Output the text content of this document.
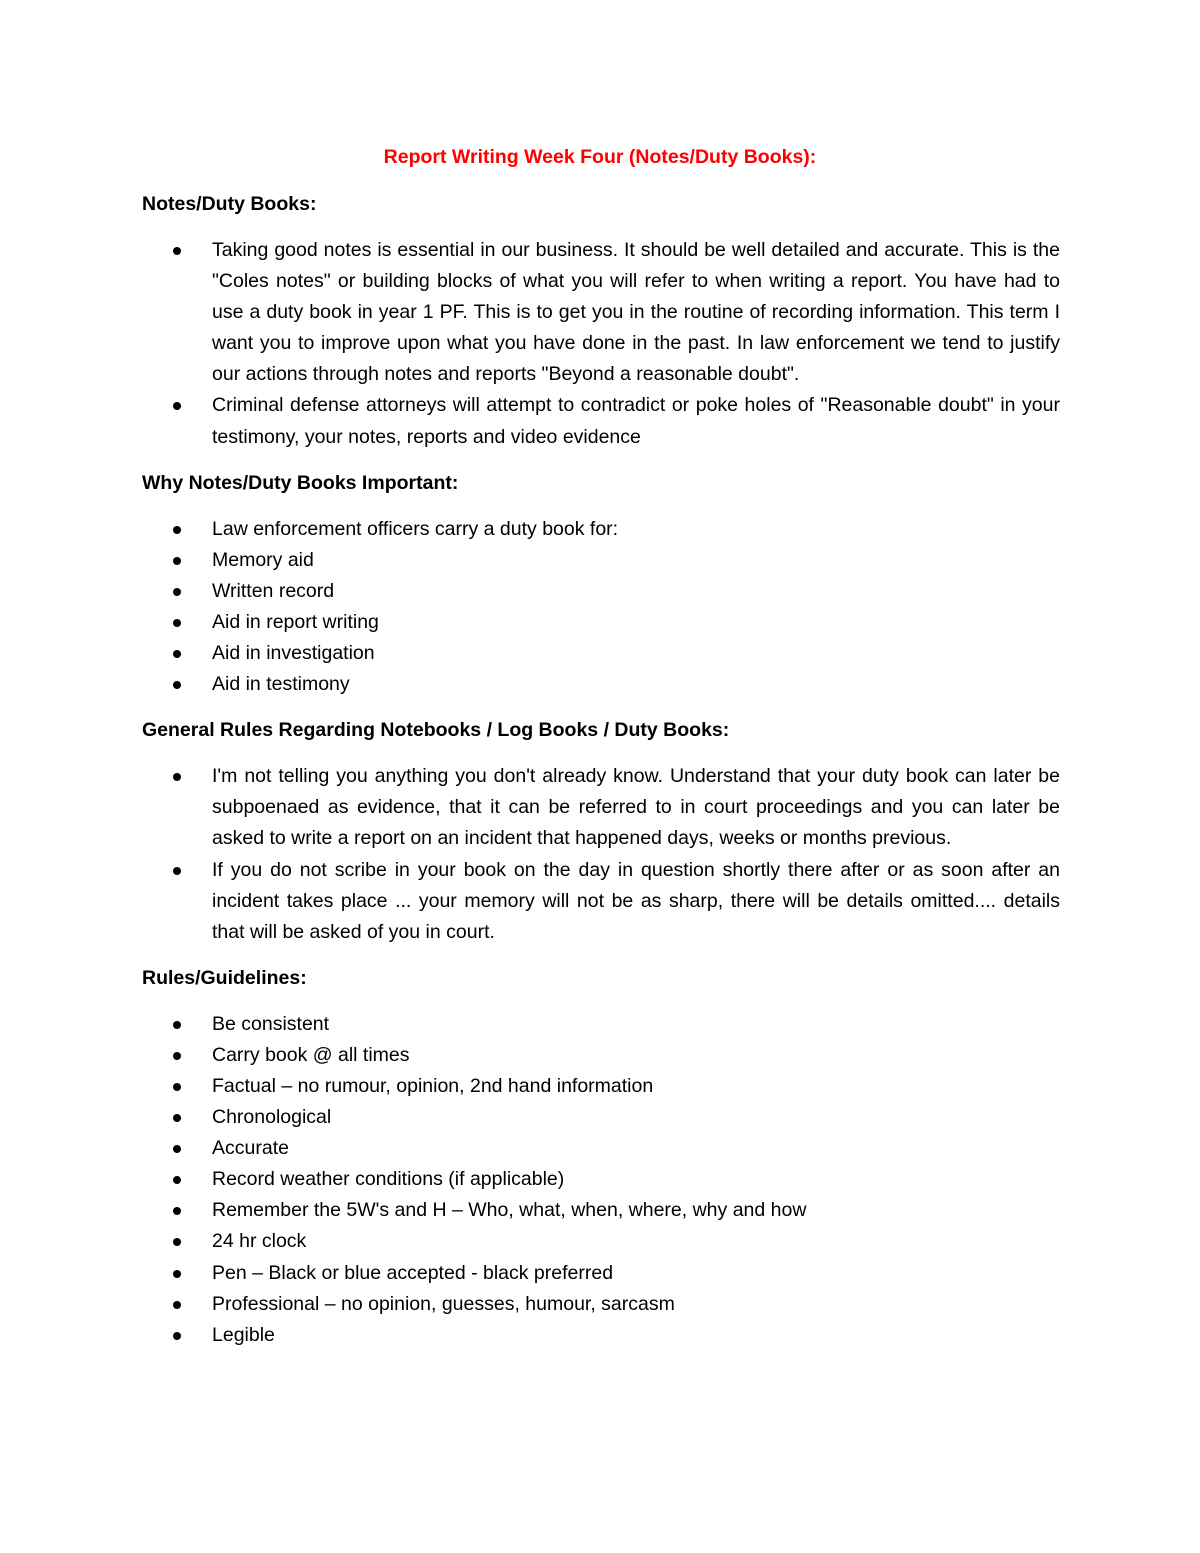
Report Writing Week Four (Notes/Duty Books):
Notes/Duty Books:
Taking good notes is essential in our business. It should be well detailed and accurate. This is the "Coles notes" or building blocks of what you will refer to when writing a report. You have had to use a duty book in year 1 PF. This is to get you in the routine of recording information. This term I want you to improve upon what you have done in the past. In law enforcement we tend to justify our actions through notes and reports "Beyond a reasonable doubt".
Criminal defense attorneys will attempt to contradict or poke holes of "Reasonable doubt" in your testimony, your notes, reports and video evidence
Why Notes/Duty Books Important:
Law enforcement officers carry a duty book for:
Memory aid
Written record
Aid in report writing
Aid in investigation
Aid in testimony
General Rules Regarding Notebooks / Log Books / Duty Books:
I'm not telling you anything you don't already know. Understand that your duty book can later be subpoenaed as evidence, that it can be referred to in court proceedings and you can later be asked to write a report on an incident that happened days, weeks or months previous.
If you do not scribe in your book on the day in question shortly there after or as soon after an incident takes place ... your memory will not be as sharp, there will be details omitted.... details that will be asked of you in court.
Rules/Guidelines:
Be consistent
Carry book @ all times
Factual – no rumour, opinion, 2nd hand information
Chronological
Accurate
Record weather conditions (if applicable)
Remember the 5W's and H – Who, what, when, where, why and how
24 hr clock
Pen – Black or blue accepted - black preferred
Professional – no opinion, guesses, humour, sarcasm
Legible
